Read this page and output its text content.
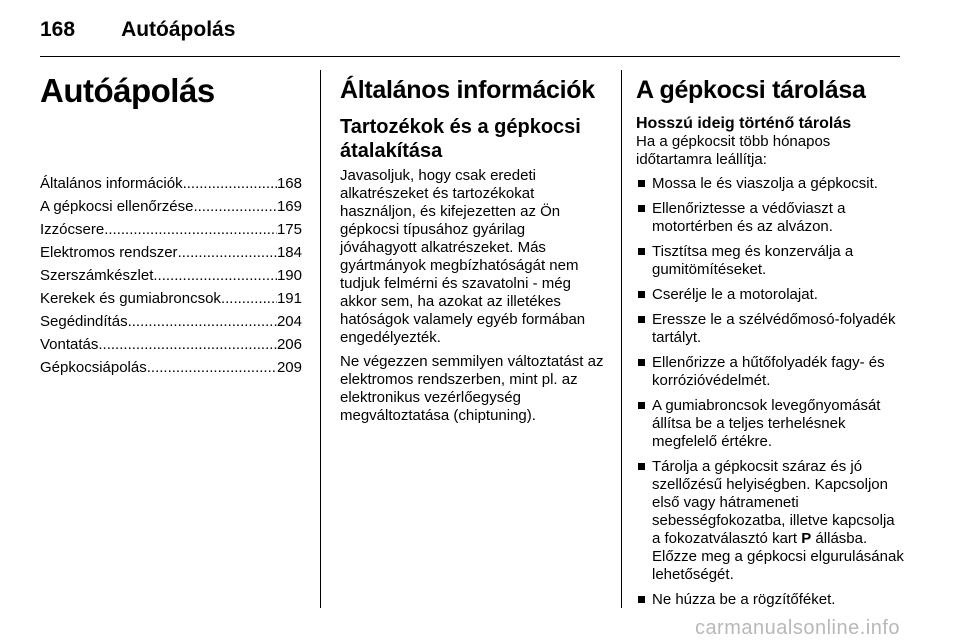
168 Autóápolás
Autóápolás
Általános információk .....	168
A gépkocsi ellenőrzése .....	169
Izzócsere .....	175
Elektromos rendszer .....	184
Szerszámkészlet .....	190
Kerekek és gumiabroncsok .....	191
Segédindítás .....	204
Vontatás .....	206
Gépkocsiápolás .....	209
Általános információk
Tartozékok és a gépkocsi átalakítása

Javasoljuk, hogy csak eredeti alkatrészeket és tartozékokat használjon, és kifejezetten az Ön gépkocsi típusához gyárilag jóváhagyott alkatrészeket. Más gyártmányok megbízhatóságát nem tudjuk felmérni és szavatolni - még akkor sem, ha azokat az illetékes hatóságok valamely egyéb formában engedélyezték.

Ne végezzen semmilyen változtatást az elektromos rendszerben, mint pl. az elektronikus vezérlőegység megváltoztatása (chiptuning).

A gépkocsi tárolása
Hosszú ideig történő tárolás

Ha a gépkocsit több hónapos időtartamra leállítja:

Mossa le és viaszolja a gépkocsit.
Ellenőriztesse a védőviaszt a motortérben és az alvázon.
Tisztítsa meg és konzerválja a gumitömítéseket.
Cserélje le a motorolajat.
Eressze le a szélvédőmosó-folyadék tartályt.
Ellenőrizze a hűtőfolyadék fagy- és korrózióvédelmét.
A gumiabroncsok levegőnyomását állítsa be a teljes terhelésnek megfelelő értékre.
Tárolja a gépkocsit száraz és jó szellőzésű helyiségben. Kapcsoljon első vagy hátrameneti sebességfokozatba, illetve kapcsolja a fokozatválasztó kart P állásba. Előzze meg a gépkocsi elgurulásának lehetőségét.
Ne húzza be a rögzítőféket.
carmanualsonline.info
